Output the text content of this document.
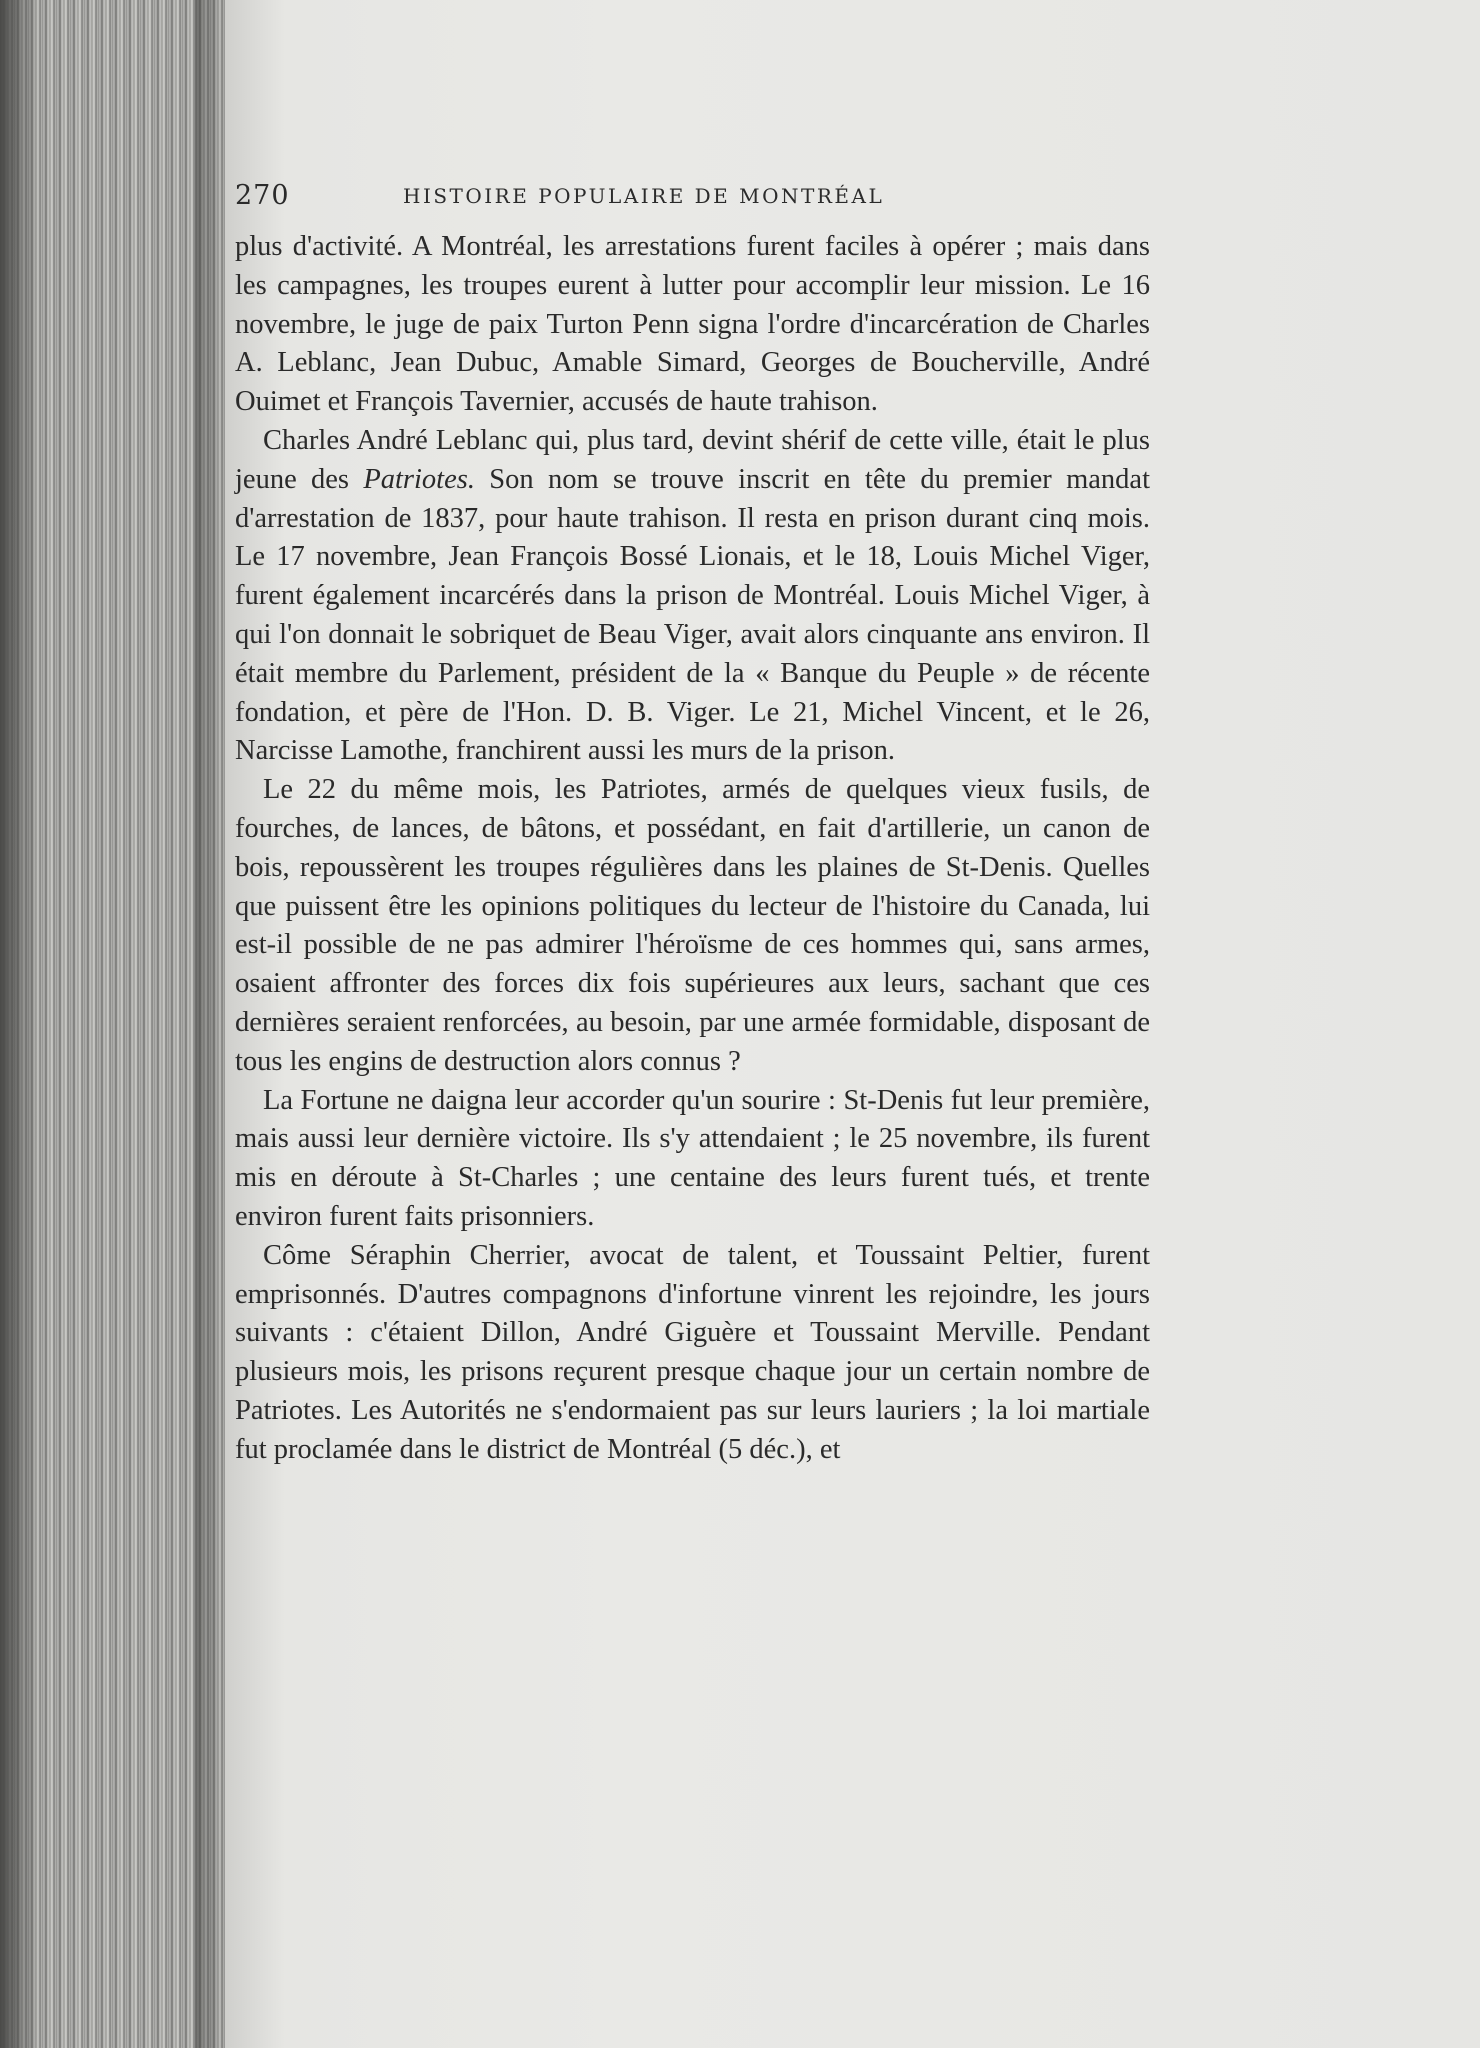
270	HISTOIRE POPULAIRE DE MONTRÉAL

plus d'activité. A Montréal, les arrestations furent faciles à opérer ; mais dans les campagnes, les troupes eurent à lutter pour accomplir leur mission. Le 16 novembre, le juge de paix Turton Penn signa l'ordre d'incarcération de Charles A. Leblanc, Jean Dubuc, Amable Simard, Georges de Boucherville, André Ouimet et François Tavernier, accusés de haute trahison.

Charles André Leblanc qui, plus tard, devint shérif de cette ville, était le plus jeune des Patriotes. Son nom se trouve inscrit en tête du premier mandat d'arrestation de 1837, pour haute trahison. Il resta en prison durant cinq mois. Le 17 novembre, Jean François Bossé Lionais, et le 18, Louis Michel Viger, furent également incarcérés dans la prison de Montréal. Louis Michel Viger, à qui l'on donnait le sobriquet de Beau Viger, avait alors cinquante ans environ. Il était membre du Parlement, président de la « Banque du Peuple » de récente fondation, et père de l'Hon. D. B. Viger. Le 21, Michel Vincent, et le 26, Narcisse Lamothe, franchirent aussi les murs de la prison.

Le 22 du même mois, les Patriotes, armés de quelques vieux fusils, de fourches, de lances, de bâtons, et possédant, en fait d'artillerie, un canon de bois, repoussèrent les troupes régulières dans les plaines de St-Denis. Quelles que puissent être les opinions politiques du lecteur de l'histoire du Canada, lui est-il possible de ne pas admirer l'héroïsme de ces hommes qui, sans armes, osaient affronter des forces dix fois supérieures aux leurs, sachant que ces dernières seraient renforcées, au besoin, par une armée formidable, disposant de tous les engins de destruction alors connus ?

La Fortune ne daigna leur accorder qu'un sourire : St-Denis fut leur première, mais aussi leur dernière victoire. Ils s'y attendaient ; le 25 novembre, ils furent mis en déroute à St-Charles ; une centaine des leurs furent tués, et trente environ furent faits prisonniers.

Côme Séraphin Cherrier, avocat de talent, et Toussaint Peltier, furent emprisonnés. D'autres compagnons d'infortune vinrent les rejoindre, les jours suivants : c'étaient Dillon, André Giguère et Toussaint Merville. Pendant plusieurs mois, les prisons reçurent presque chaque jour un certain nombre de Patriotes. Les Autorités ne s'endormaient pas sur leurs lauriers ; la loi martiale fut proclamée dans le district de Montréal (5 déc.), et
